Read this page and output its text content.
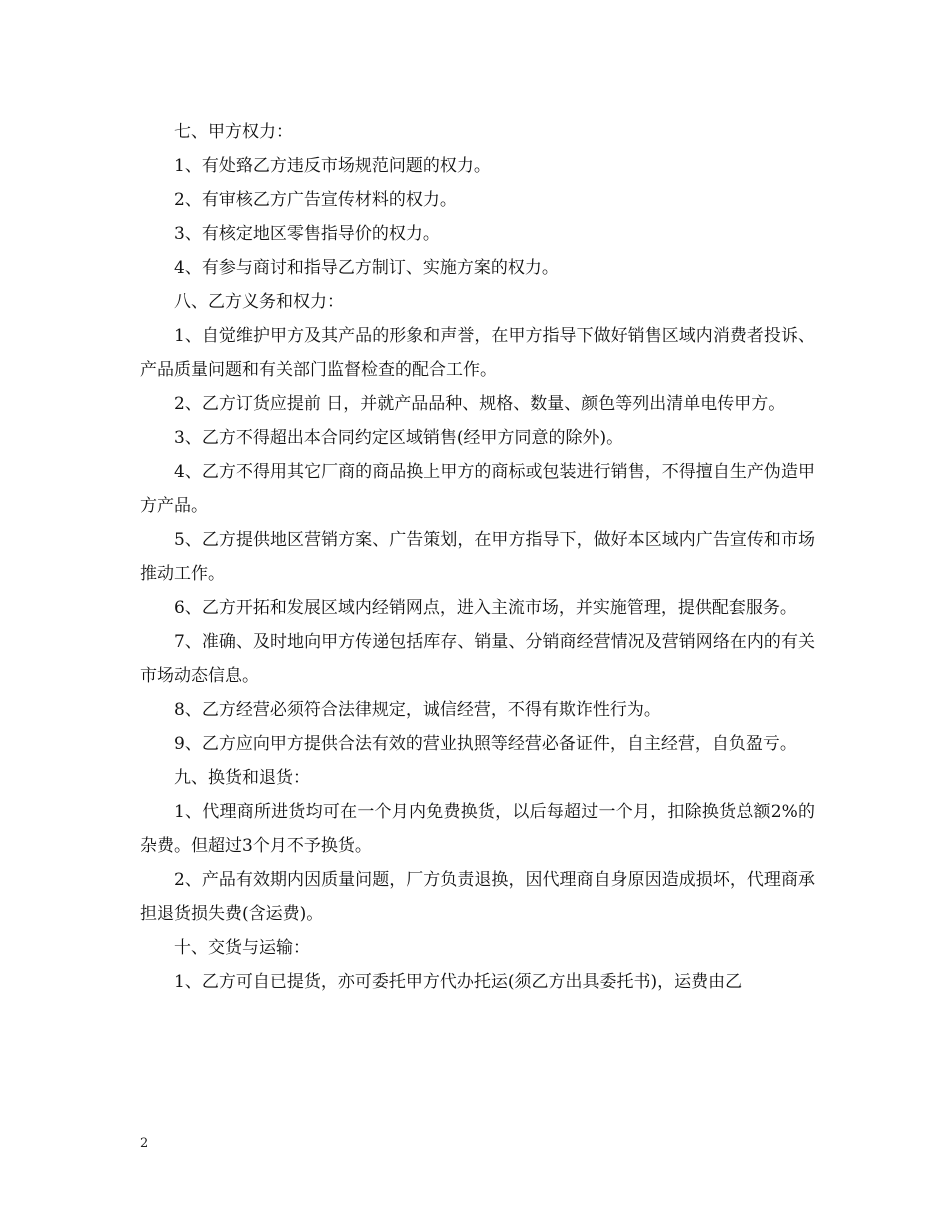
七、甲方权力：

1、有处臵乙方违反市场规范问题的权力。

2、有审核乙方广告宣传材料的权力。

3、有核定地区零售指导价的权力。

4、有参与商讨和指导乙方制订、实施方案的权力。

八、乙方义务和权力：

1、自觉维护甲方及其产品的形象和声誉，在甲方指导下做好销售区域内消费者投诉、产品质量问题和有关部门监督检查的配合工作。

2、乙方订货应提前 日，并就产品品种、规格、数量、颜色等列出清单电传甲方。

3、乙方不得超出本合同约定区域销售(经甲方同意的除外)。

4、乙方不得用其它厂商的商品换上甲方的商标或包装进行销售，不得擅自生产伪造甲方产品。

5、乙方提供地区营销方案、广告策划，在甲方指导下，做好本区域内广告宣传和市场推动工作。

6、乙方开拓和发展区域内经销网点，进入主流市场，并实施管理，提供配套服务。

7、准确、及时地向甲方传递包括库存、销量、分销商经营情况及营销网络在内的有关市场动态信息。

8、乙方经营必须符合法律规定，诚信经营，不得有欺诈性行为。

9、乙方应向甲方提供合法有效的营业执照等经营必备证件，自主经营，自负盈亏。

九、换货和退货：

1、代理商所进货均可在一个月内免费换货，以后每超过一个月，扣除换货总额2%的杂费。但超过3个月不予换货。

2、产品有效期内因质量问题，厂方负责退换，因代理商自身原因造成损坏，代理商承担退货损失费(含运费)。

十、交货与运输：

1、乙方可自已提货，亦可委托甲方代办托运(须乙方出具委托书)，运费由乙

2
